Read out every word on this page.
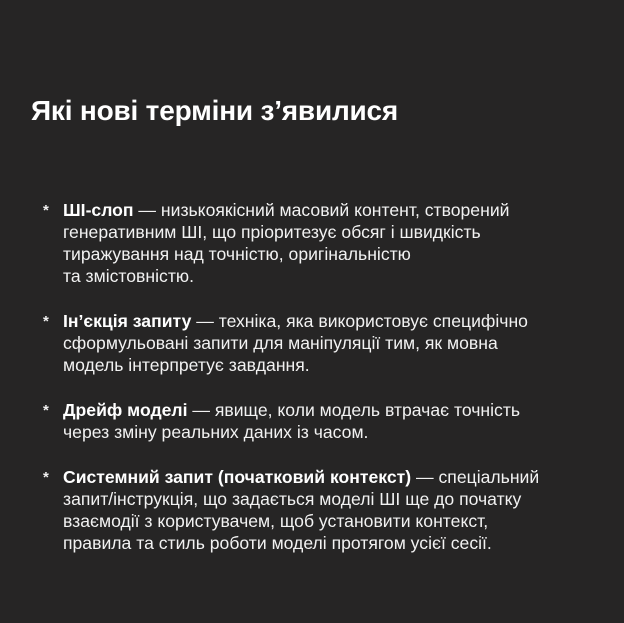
Які нові терміни з’явилися
* ШІ-слоп — низькоякісний масовий контент, створений
генеративним ШІ, що пріоритезує обсяг і швидкість
тиражування над точністю, оригінальністю
та змістовністю.
* Ін’єкція запиту — техніка, яка використовує специфічно
сформульовані запити для маніпуляції тим, як мовна
модель інтерпретує завдання.
* Дрейф моделі — явище, коли модель втрачає точність
через зміну реальних даних із часом.
* Системний запит (початковий контекст) — спеціальний
запит/інструкція, що задається моделі ШІ ще до початку
взаємодії з користувачем, щоб установити контекст,
правила та стиль роботи моделі протягом усієї сесії.
